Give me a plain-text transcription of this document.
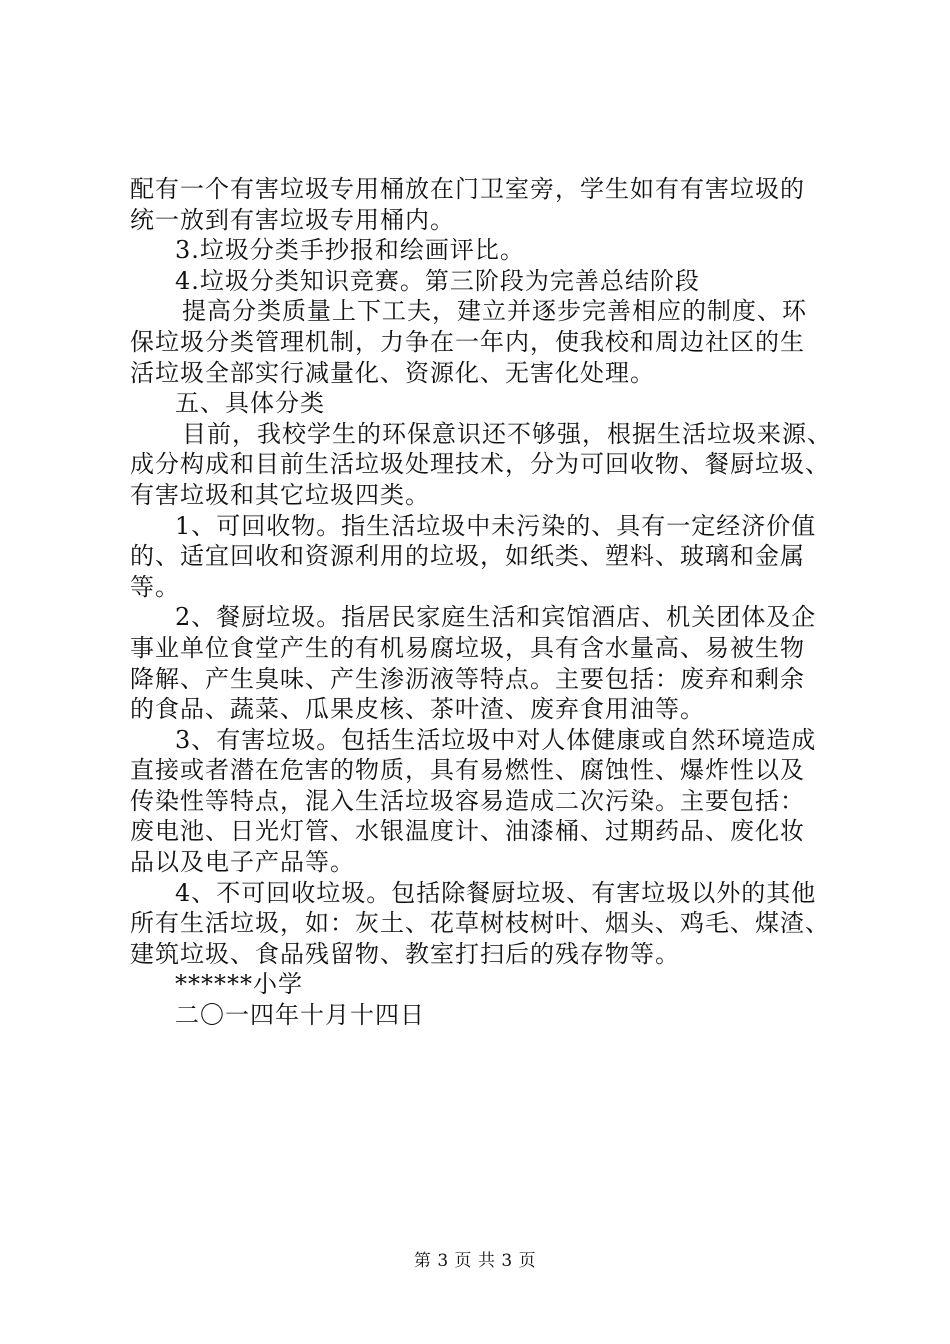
配有一个有害垃圾专用桶放在门卫室旁，学生如有有害垃圾的
统一放到有害垃圾专用桶内。
3.垃圾分类手抄报和绘画评比。
4.垃圾分类知识竞赛。第三阶段为完善总结阶段
提高分类质量上下工夫，建立并逐步完善相应的制度、环
保垃圾分类管理机制，力争在一年内，使我校和周边社区的生
活垃圾全部实行减量化、资源化、无害化处理。
五、具体分类
目前，我校学生的环保意识还不够强，根据生活垃圾来源、
成分构成和目前生活垃圾处理技术，分为可回收物、餐厨垃圾、
有害垃圾和其它垃圾四类。
1、可回收物。指生活垃圾中未污染的、具有一定经济价值
的、适宜回收和资源利用的垃圾，如纸类、塑料、玻璃和金属
等。
2、餐厨垃圾。指居民家庭生活和宾馆酒店、机关团体及企
事业单位食堂产生的有机易腐垃圾，具有含水量高、易被生物
降解、产生臭味、产生渗沥液等特点。主要包括：废弃和剩余
的食品、蔬菜、瓜果皮核、茶叶渣、废弃食用油等。
3、有害垃圾。包括生活垃圾中对人体健康或自然环境造成
直接或者潜在危害的物质，具有易燃性、腐蚀性、爆炸性以及
传染性等特点，混入生活垃圾容易造成二次污染。主要包括：
废电池、日光灯管、水银温度计、油漆桶、过期药品、废化妆
品以及电子产品等。
4、不可回收垃圾。包括除餐厨垃圾、有害垃圾以外的其他
所有生活垃圾，如：灰土、花草树枝树叶、烟头、鸡毛、煤渣、
建筑垃圾、食品残留物、教室打扫后的残存物等。
******小学
二〇一四年十月十四日
第 3 页 共 3 页
